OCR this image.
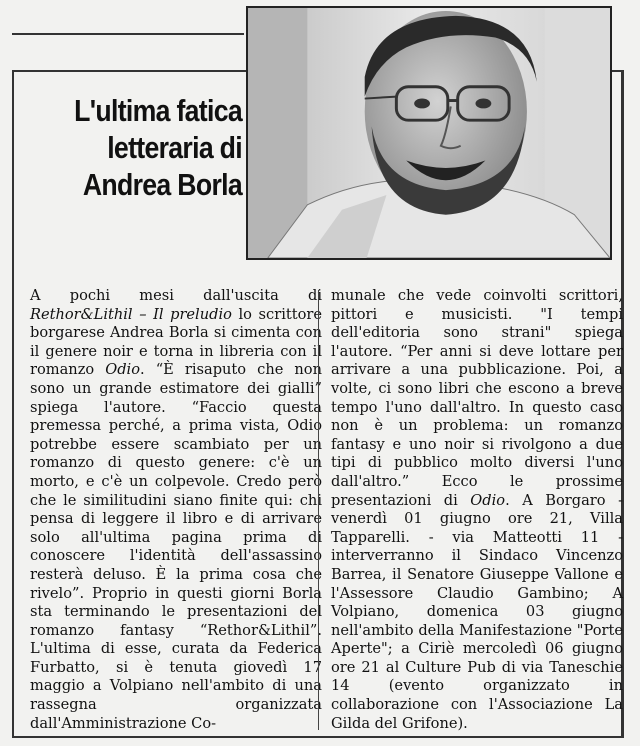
L'ultima fatica letteraria di Andrea Borla
A pochi mesi dall'uscita di Rethor&Lithil – Il preludio lo scrittore borgarese Andrea Borla si cimenta con il genere noir e torna in libreria con il romanzo Odio. “È risaputo che non sono un grande estimatore dei gialli” spiega l'autore. “Faccio questa premessa perché, a prima vista, Odio potrebbe essere scambiato per un romanzo di questo genere: c'è un morto, e c'è un colpevole. Credo però che le similitudini siano finite qui: chi pensa di leggere il libro e di arrivare solo all'ultima pagina prima di conoscere l'identità dell'assassino resterà deluso. È la prima cosa che rivelo”. Proprio in questi giorni Borla sta terminando le presentazioni del romanzo fantasy “Rethor&Lithil”. L'ultima di esse, curata da Federica Furbatto, si è tenuta giovedì 17 maggio a Volpiano nell'ambito di una rassegna organizzata dall'Amministrazione Co-
munale che vede coinvolti scrittori, pittori e musicisti. "I tempi dell'editoria sono strani" spiega l'autore. “Per anni si deve lottare per arrivare a una pubblicazione. Poi, a volte, ci sono libri che escono a breve tempo l'uno dall'altro. In questo caso non è un problema: un romanzo fantasy e uno noir si rivolgono a due tipi di pubblico molto diversi l'uno dall'altro.” Ecco le prossime presentazioni di Odio. A Borgaro - venerdì 01 giugno ore 21, Villa Tapparelli. - via Matteotti 11 - interverranno il Sindaco Vincenzo Barrea, il Senatore Giuseppe Vallone e l'Assessore Claudio Gambino; A Volpiano, domenica 03 giugno nell'ambito della Manifestazione "Porte Aperte"; a Ciriè mercoledì 06 giugno ore 21 al Culture Pub di via Taneschie 14 (evento organizzato in collaborazione con l'Associazione La Gilda del Grifone).
